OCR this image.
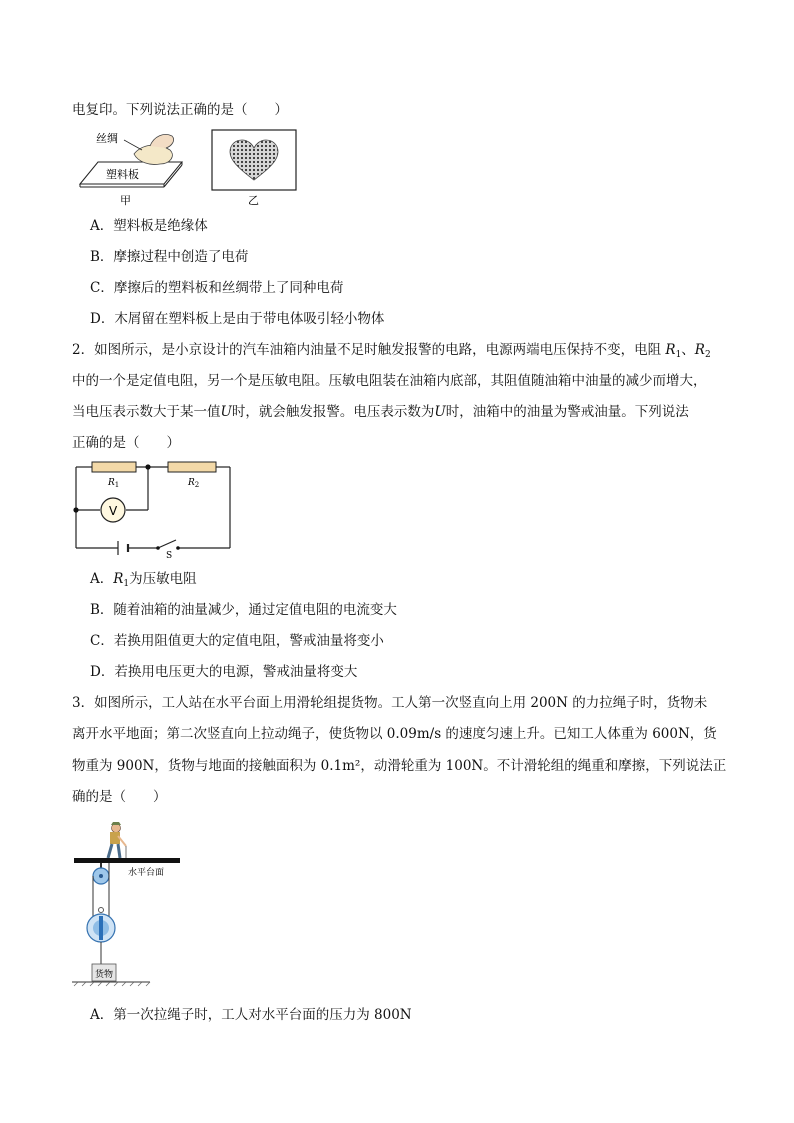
电复印。下列说法正确的是（　　）
丝绸
塑料板
甲	乙
A．塑料板是绝缘体
B．摩擦过程中创造了电荷
C．摩擦后的塑料板和丝绸带上了同种电荷
D．木屑留在塑料板上是由于带电体吸引轻小物体
2．如图所示，是小京设计的汽车油箱内油量不足时触发报警的电路，电源两端电压保持不变，电阻 $R_1$、$R_2$
中的一个是定值电阻，另一个是压敏电阻。压敏电阻装在油箱内底部，其阻值随油箱中油量的减少而增大，
当电压表示数大于某一值U时，就会触发报警。电压表示数为U时，油箱中的油量为警戒油量。下列说法
正确的是（　　）
V
$R_1$	$R_2$
S
A．$R_1$为压敏电阻
B．随着油箱的油量减少，通过定值电阻的电流变大
C．若换用阻值更大的定值电阻，警戒油量将变小
D．若换用电压更大的电源，警戒油量将变大
3．如图所示，工人站在水平台面上用滑轮组提货物。工人第一次竖直向上用 200N 的力拉绳子时，货物未
离开水平地面；第二次竖直向上拉动绳子，使货物以 0.09m/s 的速度匀速上升。已知工人体重为 600N，货
物重为 900N，货物与地面的接触面积为 0.1m²，动滑轮重为 100N。不计滑轮组的绳重和摩擦，下列说法正
确的是（　　）
水平台面
货物
A．第一次拉绳子时，工人对水平台面的压力为 800N
